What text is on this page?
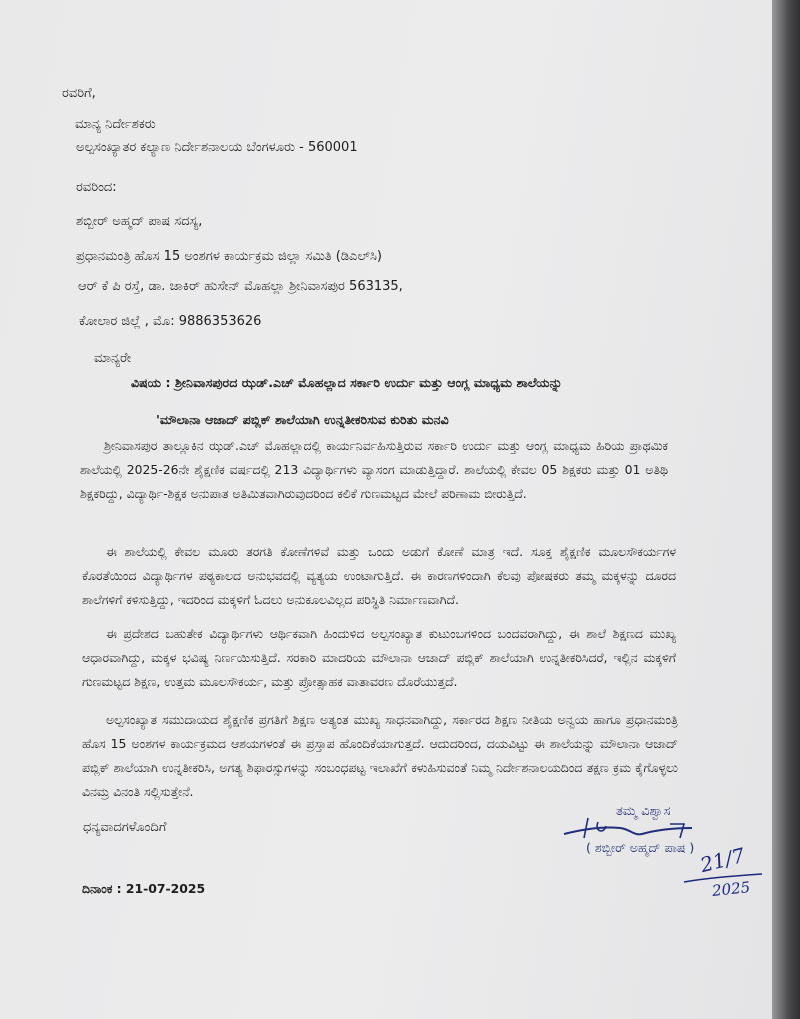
ರವರಿಗೆ,
ಮಾನ್ಯ ನಿರ್ದೇಶಕರು
ಅಲ್ಪಸಂಖ್ಯಾತರ ಕಲ್ಯಾಣ ನಿರ್ದೇಶನಾಲಯ ಬೆಂಗಳೂರು - 560001
ರವರಿಂದ:
ಶಬ್ಬೀರ್ ಅಹ್ಮದ್ ಪಾಷ ಸದಸ್ಯ,
ಪ್ರಧಾನಮಂತ್ರಿ ಹೊಸ 15 ಅಂಶಗಳ ಕಾರ್ಯಕ್ರಮ ಜಿಲ್ಲಾ ಸಮಿತಿ (ಡಿಎಲ್‌ಸಿ)
ಆರ್ ಕೆ ಪಿ ರಸ್ತೆ, ಡಾ. ಜಾಕಿರ್ ಹುಸೇನ್ ಮೊಹಲ್ಲಾ ಶ್ರೀನಿವಾಸಪುರ 563135,
ಕೋಲಾರ ಜಿಲ್ಲೆ , ಮೊ: 9886353626
ಮಾನ್ಯರೇ
ವಿಷಯ : ಶ್ರೀನಿವಾಸಪುರದ ಝಡ್.ಎಚ್ ಮೊಹಲ್ಲಾದ ಸರ್ಕಾರಿ ಉರ್ದು ಮತ್ತು ಆಂಗ್ಲ ಮಾಧ್ಯಮ ಶಾಲೆಯನ್ನು
'ಮೌಲಾನಾ ಆಜಾದ್ ಪಬ್ಲಿಕ್ ಶಾಲೆಯಾಗಿ ಉನ್ನತೀಕರಿಸುವ ಕುರಿತು ಮನವಿ
ಶ್ರೀನಿವಾಸಪುರ ತಾಲ್ಲೂಕಿನ ಝಡ್.ಎಚ್ ಮೊಹಲ್ಲಾದಲ್ಲಿ ಕಾರ್ಯನಿರ್ವಹಿಸುತ್ತಿರುವ ಸರ್ಕಾರಿ ಉರ್ದು ಮತ್ತು ಆಂಗ್ಲ ಮಾಧ್ಯಮ ಹಿರಿಯ ಪ್ರಾಥಮಿಕ ಶಾಲೆಯಲ್ಲಿ 2025-26ನೇ ಶೈಕ್ಷಣಿಕ ವರ್ಷದಲ್ಲಿ 213 ವಿದ್ಯಾರ್ಥಿಗಳು ವ್ಯಾಸಂಗ ಮಾಡುತ್ತಿದ್ದಾರೆ. ಶಾಲೆಯಲ್ಲಿ ಕೇವಲ 05 ಶಿಕ್ಷಕರು ಮತ್ತು 01 ಅತಿಥಿ ಶಿಕ್ಷಕರಿದ್ದು, ವಿದ್ಯಾರ್ಥಿ-ಶಿಕ್ಷಕ ಅನುಪಾತ ಅತಿಮಿತವಾಗಿರುವುದರಿಂದ ಕಲಿಕೆ ಗುಣಮಟ್ಟದ ಮೇಲೆ ಪರಿಣಾಮ ಬೀರುತ್ತಿದೆ.
ಈ ಶಾಲೆಯಲ್ಲಿ ಕೇವಲ ಮೂರು ತರಗತಿ ಕೋಣೆಗಳಿವೆ ಮತ್ತು ಒಂದು ಅಡುಗೆ ಕೋಣೆ ಮಾತ್ರ ಇದೆ. ಸೂಕ್ತ ಶೈಕ್ಷಣಿಕ ಮೂಲಸೌಕರ್ಯಗಳ ಕೊರತೆಯಿಂದ ವಿದ್ಯಾರ್ಥಿಗಳ ಪಠ್ಯಕಾಲದ ಅನುಭವದಲ್ಲಿ ವ್ಯತ್ಯಯ ಉಂಟಾಗುತ್ತಿದೆ. ಈ ಕಾರಣಗಳಿಂದಾಗಿ ಕೆಲವು ಪೋಷಕರು ತಮ್ಮ ಮಕ್ಕಳನ್ನು ದೂರದ ಶಾಲೆಗಳಿಗೆ ಕಳಿಸುತ್ತಿದ್ದು, ಇದರಿಂದ ಮಕ್ಕಳಿಗೆ ಓದಲು ಅನುಕೂಲವಿಲ್ಲದ ಪರಿಸ್ಥಿತಿ ನಿರ್ಮಾಣವಾಗಿದೆ.
ಈ ಪ್ರದೇಶದ ಬಹುತೇಕ ವಿದ್ಯಾರ್ಥಿಗಳು ಆರ್ಥಿಕವಾಗಿ ಹಿಂದುಳಿದ ಅಲ್ಪಸಂಖ್ಯಾತ ಕುಟುಂಬಗಳಿಂದ ಬಂದವರಾಗಿದ್ದು, ಈ ಶಾಲೆ ಶಿಕ್ಷಣದ ಮುಖ್ಯ ಆಧಾರವಾಗಿದ್ದು, ಮಕ್ಕಳ ಭವಿಷ್ಯ ನಿರ್ಣಯಿಸುತ್ತಿದೆ. ಸರಕಾರಿ ಮಾದರಿಯ ಮೌಲಾನಾ ಆಜಾದ್ ಪಬ್ಲಿಕ್ ಶಾಲೆಯಾಗಿ ಉನ್ನತೀಕರಿಸಿದರೆ, ಇಲ್ಲಿನ ಮಕ್ಕಳಿಗೆ ಗುಣಮಟ್ಟದ ಶಿಕ್ಷಣ, ಉತ್ತಮ ಮೂಲಸೌಕರ್ಯ, ಮತ್ತು ಪ್ರೋತ್ಸಾಹಕ ವಾತಾವರಣ ದೊರೆಯುತ್ತದೆ.
ಅಲ್ಪಸಂಖ್ಯಾತ ಸಮುದಾಯದ ಶೈಕ್ಷಣಿಕ ಪ್ರಗತಿಗೆ ಶಿಕ್ಷಣ ಅತ್ಯಂತ ಮುಖ್ಯ ಸಾಧನವಾಗಿದ್ದು, ಸರ್ಕಾರದ ಶಿಕ್ಷಣ ನೀತಿಯ ಅನ್ವಯ ಹಾಗೂ ಪ್ರಧಾನಮಂತ್ರಿ ಹೊಸ 15 ಅಂಶಗಳ ಕಾರ್ಯಕ್ರಮದ ಆಶಯಗಳಂತೆ ಈ ಪ್ರಸ್ತಾಪ ಹೊಂದಿಕೆಯಾಗುತ್ತದೆ. ಆದುದರಿಂದ, ದಯವಿಟ್ಟು ಈ ಶಾಲೆಯನ್ನು ಮೌಲಾನಾ ಆಜಾದ್ ಪಬ್ಲಿಕ್ ಶಾಲೆಯಾಗಿ ಉನ್ನತೀಕರಿಸಿ, ಅಗತ್ಯ ಶಿಫಾರಸ್ಸುಗಳನ್ನು ಸಂಬಂಧಪಟ್ಟ ಇಲಾಖೆಗೆ ಕಳುಹಿಸುವಂತೆ ನಿಮ್ಮ ನಿರ್ದೇಶನಾಲಯದಿಂದ ತಕ್ಷಣ ಕ್ರಮ ಕೈಗೊಳ್ಳಲು ವಿನಮ್ರ ವಿನಂತಿ ಸಲ್ಲಿಸುತ್ತೇನೆ.
ಧನ್ಯವಾದಗಳೊಂದಿಗೆ
ತಮ್ಮ ವಿಶ್ವಾಸ
( ಶಬ್ಬೀರ್ ಅಹ್ಮದ್ ಪಾಷ ) 21/7
2025
ದಿನಾಂಕ : 21-07-2025
